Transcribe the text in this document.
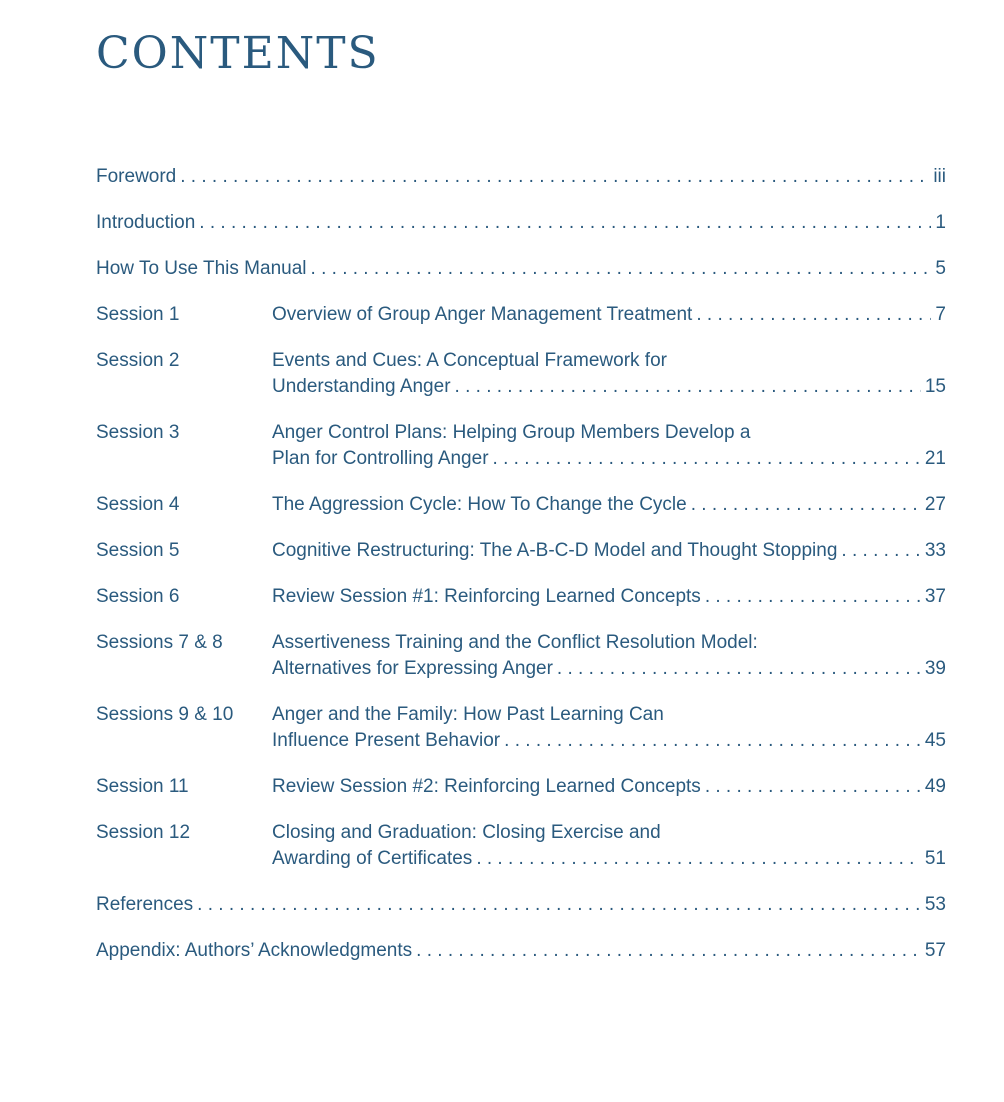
CONTENTS
Foreword . . .	iii
Introduction . . .	1
How To Use This Manual . . .	5
Session 1	Overview of Group Anger Management Treatment . . .	7
Session 2	Events and Cues: A Conceptual Framework for
Understanding Anger . . .	15
Session 3	Anger Control Plans: Helping Group Members Develop a
Plan for Controlling Anger . . .	21
Session 4	The Aggression Cycle: How To Change the Cycle . . .	27
Session 5	Cognitive Restructuring: The A-B-C-D Model and Thought Stopping . . .	33
Session 6	Review Session #1: Reinforcing Learned Concepts . . .	37
Sessions 7 & 8	Assertiveness Training and the Conflict Resolution Model:
Alternatives for Expressing Anger . . .	39
Sessions 9 & 10	Anger and the Family: How Past Learning Can
Influence Present Behavior . . .	45
Session 11	Review Session #2: Reinforcing Learned Concepts . . .	49
Session 12	Closing and Graduation: Closing Exercise and
Awarding of Certificates . . .	51
References . . .	53
Appendix: Authors’ Acknowledgments . . .	57
